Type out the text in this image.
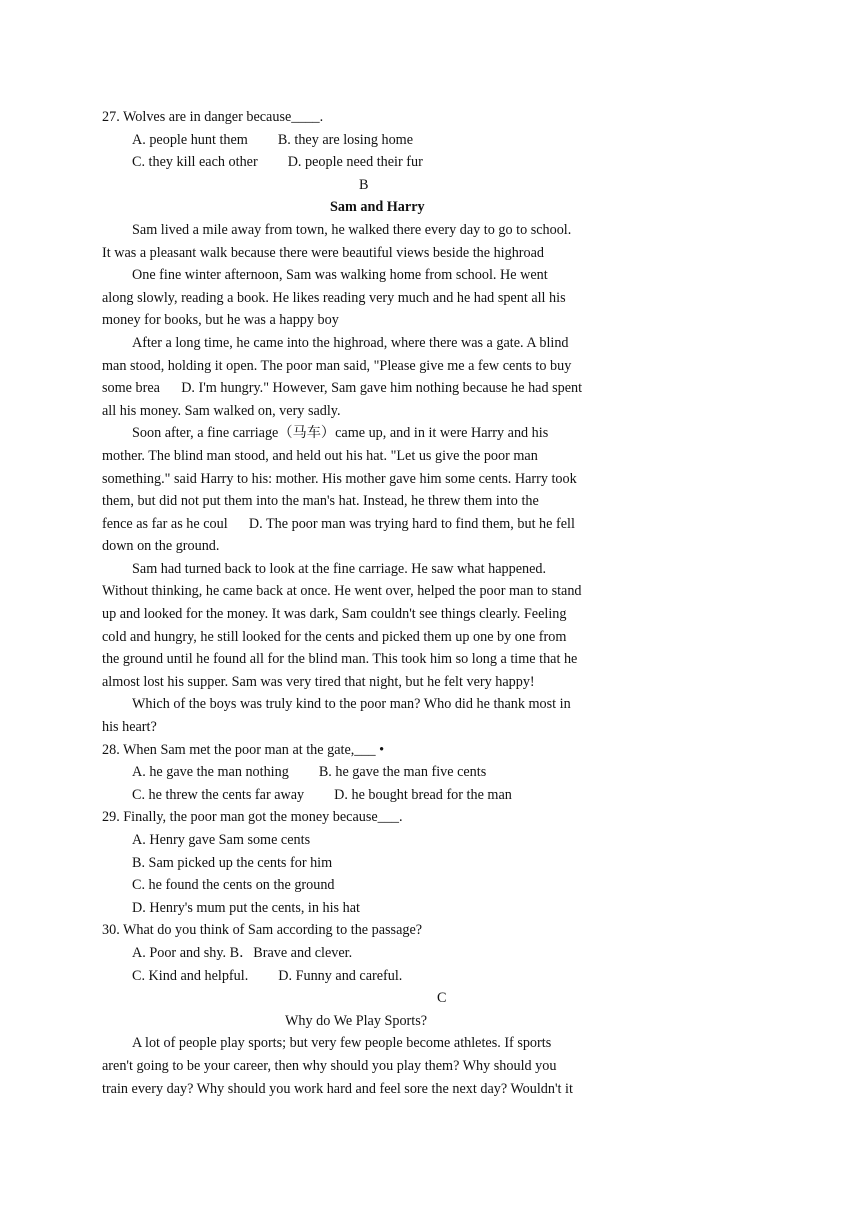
27. Wolves are in danger because____.

A. people hunt them B. they are losing home

C. they kill each other D. people need their fur

B

Sam and Harry

Sam lived a mile away from town, he walked there every day to go to school.

It was a pleasant walk because there were beautiful views beside the highroad

One fine winter afternoon, Sam was walking home from school. He went

along slowly, reading a book. He likes reading very much and he had spent all his

money for books, but he was a happy boy

After a long time, he came into the highroad, where there was a gate. A blind

man stood, holding it open. The poor man said, "Please give me a few cents to buy

some brea      D. I'm hungry." However, Sam gave him nothing because he had spent

all his money. Sam walked on, very sadly.

Soon after, a fine carriage（马车）came up, and in it were Harry and his

mother. The blind man stood, and held out his hat. "Let us give the poor man

something." said Harry to his: mother. His mother gave him some cents. Harry took

them, but did not put them into the man's hat. Instead, he threw them into the

fence as far as he coul      D. The poor man was trying hard to find them, but he fell

down on the ground.

Sam had turned back to look at the fine carriage. He saw what happened.

Without thinking, he came back at once. He went over, helped the poor man to stand

up and looked for the money. It was dark, Sam couldn't see things clearly. Feeling

cold and hungry, he still looked for the cents and picked them up one by one from

the ground until he found all for the blind man. This took him so long a time that he

almost lost his supper. Sam was very tired that night, but he felt very happy!

Which of the boys was truly kind to the poor man? Who did he thank most in

his heart?

28. When Sam met the poor man at the gate,___ •

A. he gave the man nothing B. he gave the man five cents

C. he threw the cents far away D. he bought bread for the man

29. Finally, the poor man got the money because___.

A. Henry gave Sam some cents

B. Sam picked up the cents for him

C. he found the cents on the ground

D. Henry's mum put the cents, in his hat

30. What do you think of Sam according to the passage?

A. Poor and shy. B．Brave and clever.

C. Kind and helpful. D. Funny and careful.

C

Why do We Play Sports?

A lot of people play sports; but very few people become athletes. If sports

aren't going to be your career, then why should you play them? Why should you

train every day? Why should you work hard and feel sore the next day? Wouldn't it
